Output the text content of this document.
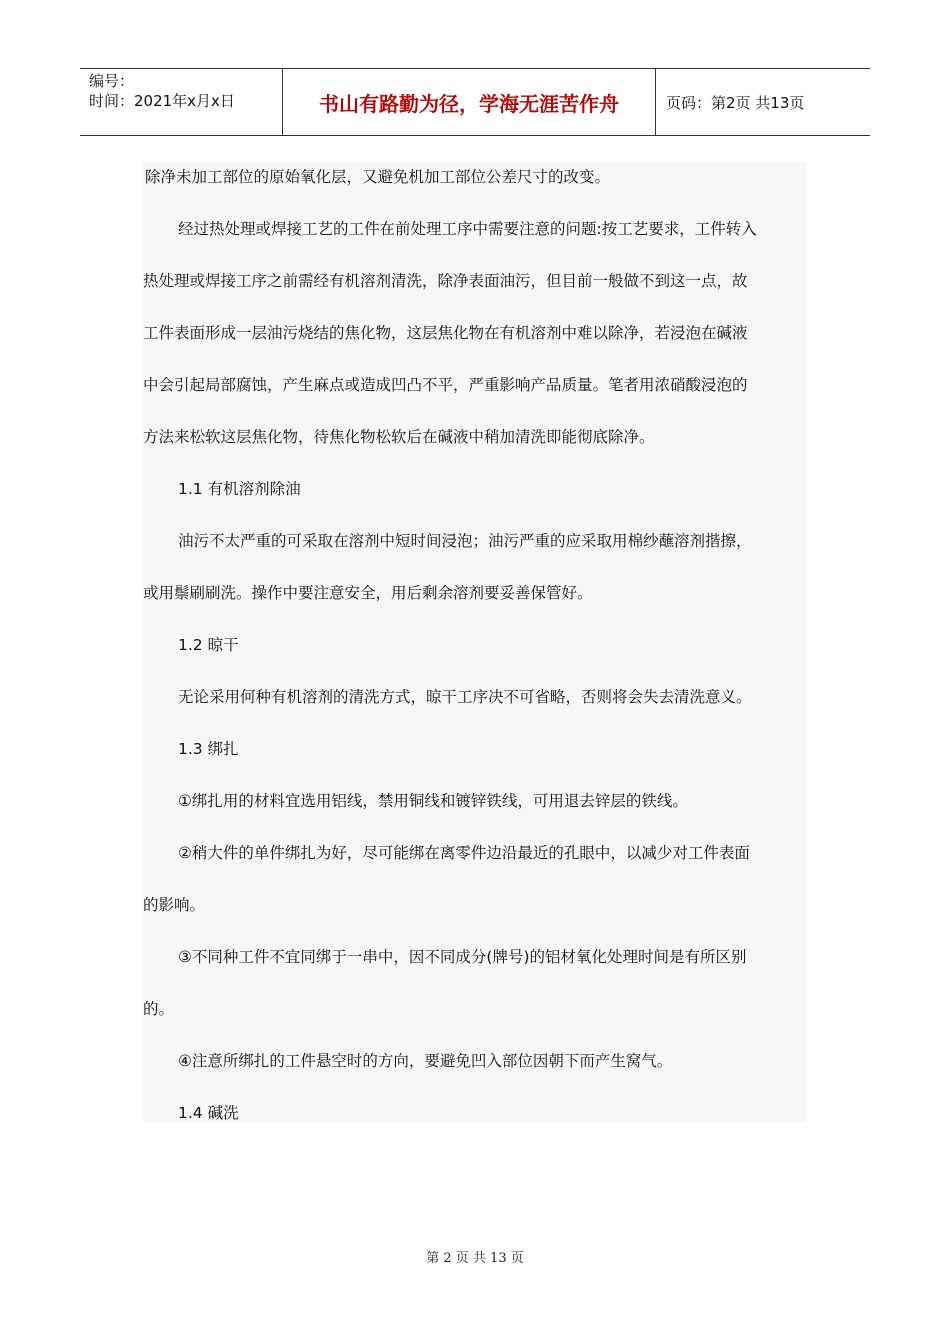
编号：
时间：2021年x月x日	书山有路勤为径，学海无涯苦作舟	页码：第2页 共13页

除净未加工部位的原始氧化层，又避免机加工部位公差尺寸的改变。

经过热处理或焊接工艺的工件在前处理工序中需要注意的问题:按工艺要求，工件转入

热处理或焊接工序之前需经有机溶剂清洗，除净表面油污，但目前一般做不到这一点，故

工件表面形成一层油污烧结的焦化物，这层焦化物在有机溶剂中难以除净，若浸泡在碱液

中会引起局部腐蚀，产生麻点或造成凹凸不平，严重影响产品质量。笔者用浓硝酸浸泡的

方法来松软这层焦化物，待焦化物松软后在碱液中稍加清洗即能彻底除净。

1.1 有机溶剂除油

油污不太严重的可采取在溶剂中短时间浸泡；油污严重的应采取用棉纱蘸溶剂揩擦，

或用鬃刷刷洗。操作中要注意安全，用后剩余溶剂要妥善保管好。

1.2 晾干

无论采用何种有机溶剂的清洗方式，晾干工序决不可省略，否则将会失去清洗意义。

1.3 绑扎

①绑扎用的材料宜选用铝线，禁用铜线和镀锌铁线，可用退去锌层的铁线。

②稍大件的单件绑扎为好，尽可能绑在离零件边沿最近的孔眼中，以减少对工件表面

的影响。

③不同种工件不宜同绑于一串中，因不同成分(牌号)的铝材氧化处理时间是有所区别

的。

④注意所绑扎的工件悬空时的方向，要避免凹入部位因朝下而产生窝气。

1.4 碱洗

第 2 页 共 13 页
